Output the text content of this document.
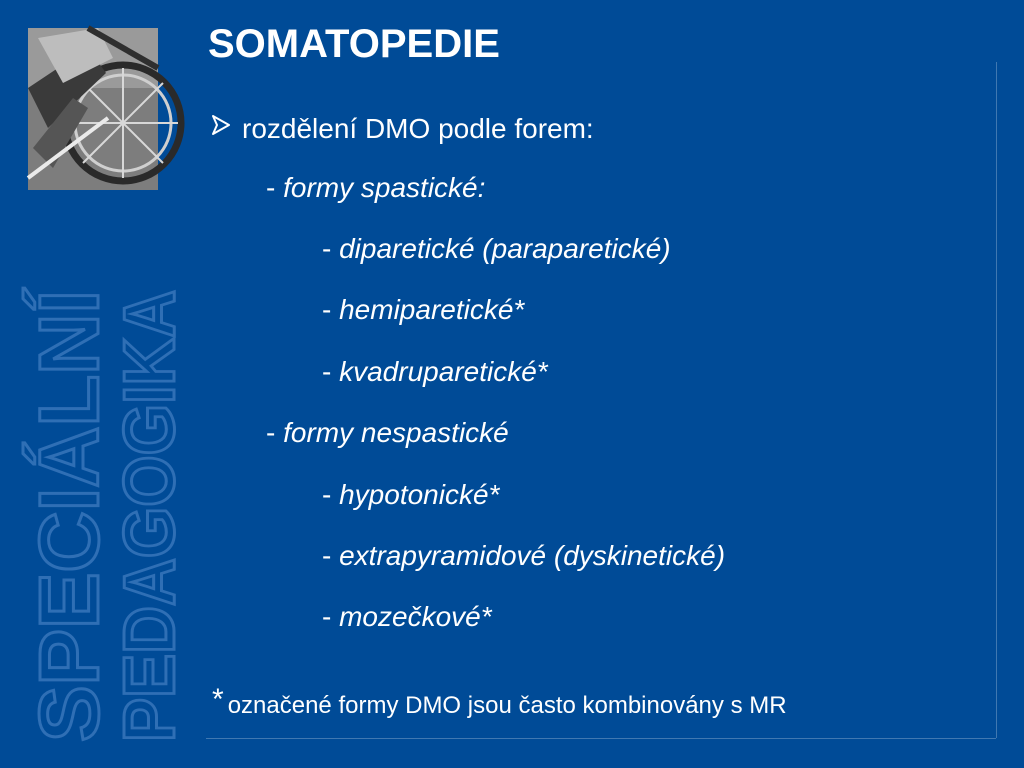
SPECIÁLNÍ
PEDAGOGIKA
SOMATOPEDIE
rozdělení DMO podle forem:
- formy spastické:
- diparetické (paraparetické)
- hemiparetické*
- kvadruparetické*
- formy nespastické
- hypotonické*
- extrapyramidové (dyskinetické)
- mozečkové*
* označené formy DMO jsou často kombinovány s MR
